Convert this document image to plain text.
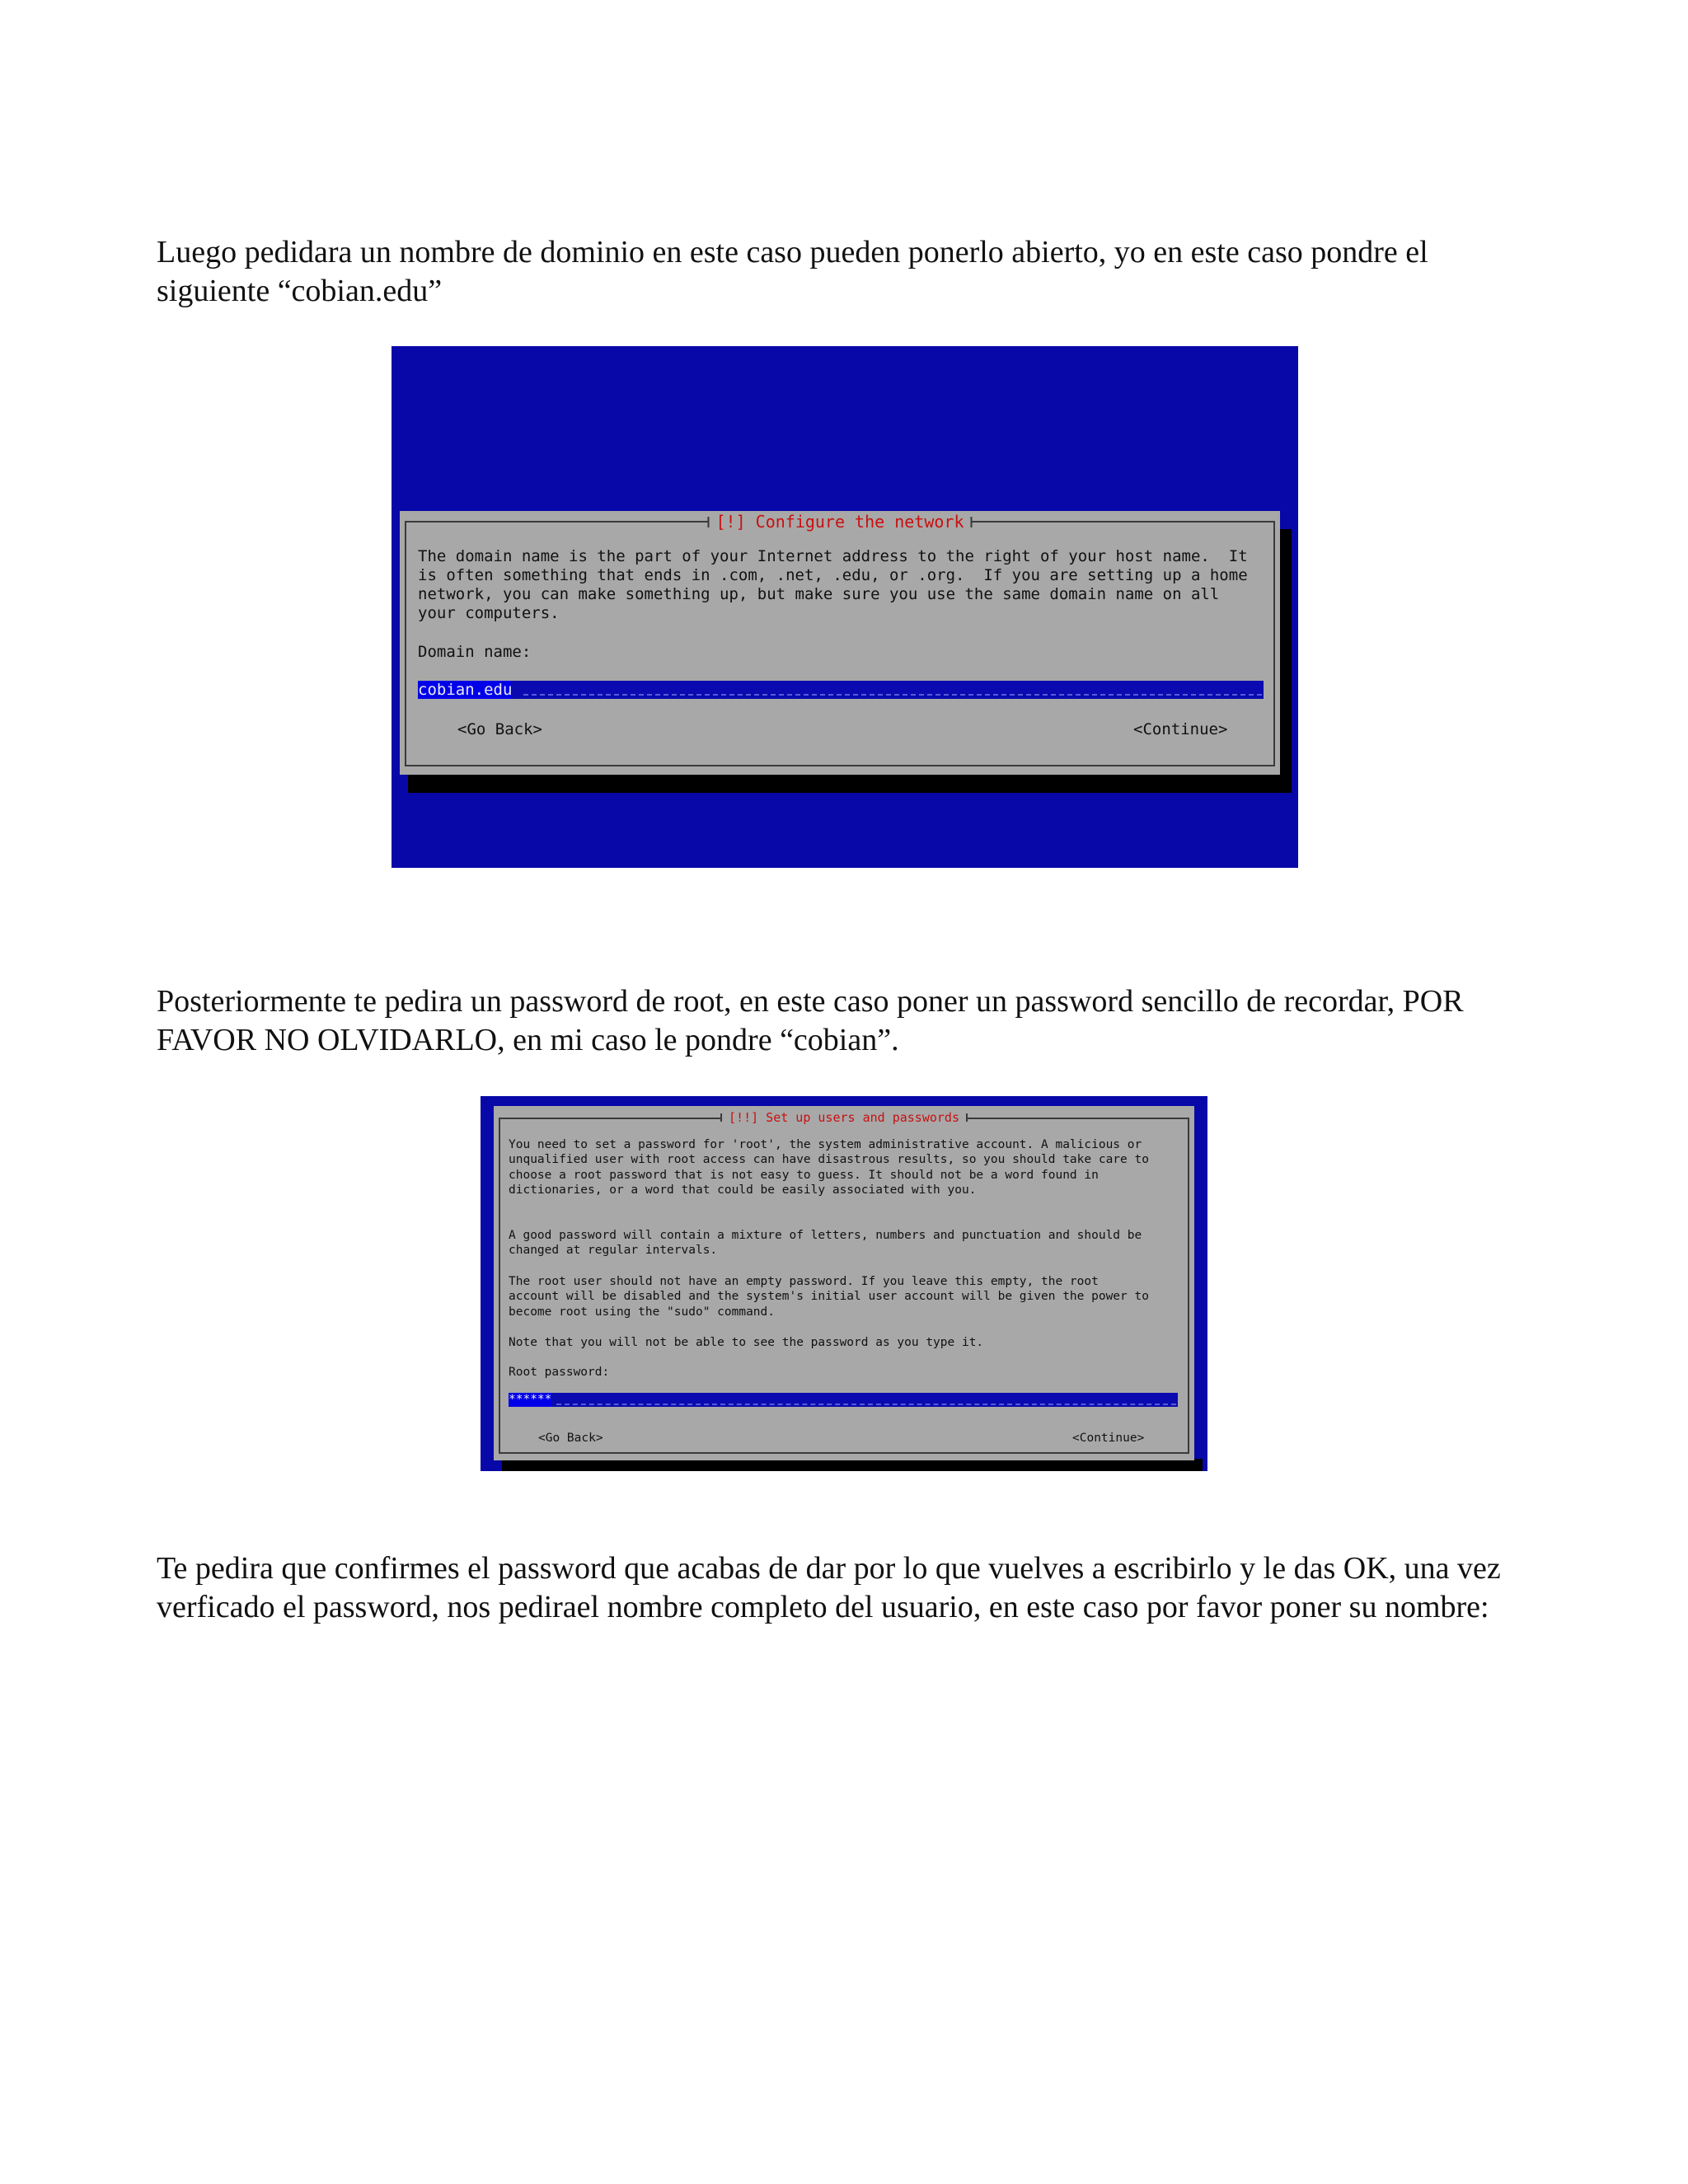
Luego pedidara un nombre de dominio en este caso pueden ponerlo abierto, yo en este caso pondre el siguiente “cobian.edu”

[!] Configure the network
The domain name is the part of your Internet address to the right of your host name.  It
is often something that ends in .com, .net, .edu, or .org.  If you are setting up a home
network, you can make something up, but make sure you use the same domain name on all
your computers.
Domain name:
cobian.edu
<Go Back>	<Continue>

Posteriormente te pedira un password de root, en este caso poner un password sencillo de recordar, POR FAVOR NO OLVIDARLO, en mi caso le pondre “cobian”.

[!!] Set up users and passwords
You need to set a password for 'root', the system administrative account. A malicious or
unqualified user with root access can have disastrous results, so you should take care to
choose a root password that is not easy to guess. It should not be a word found in
dictionaries, or a word that could be easily associated with you.
A good password will contain a mixture of letters, numbers and punctuation and should be
changed at regular intervals.
The root user should not have an empty password. If you leave this empty, the root
account will be disabled and the system's initial user account will be given the power to
become root using the "sudo" command.
Note that you will not be able to see the password as you type it.
Root password:
******
<Go Back>	<Continue>

Te pedira que confirmes el password que acabas de dar por lo que vuelves a escribirlo y le das OK, una vez verficado el password, nos pedirael nombre completo del usuario, en este caso por favor poner su nombre:
